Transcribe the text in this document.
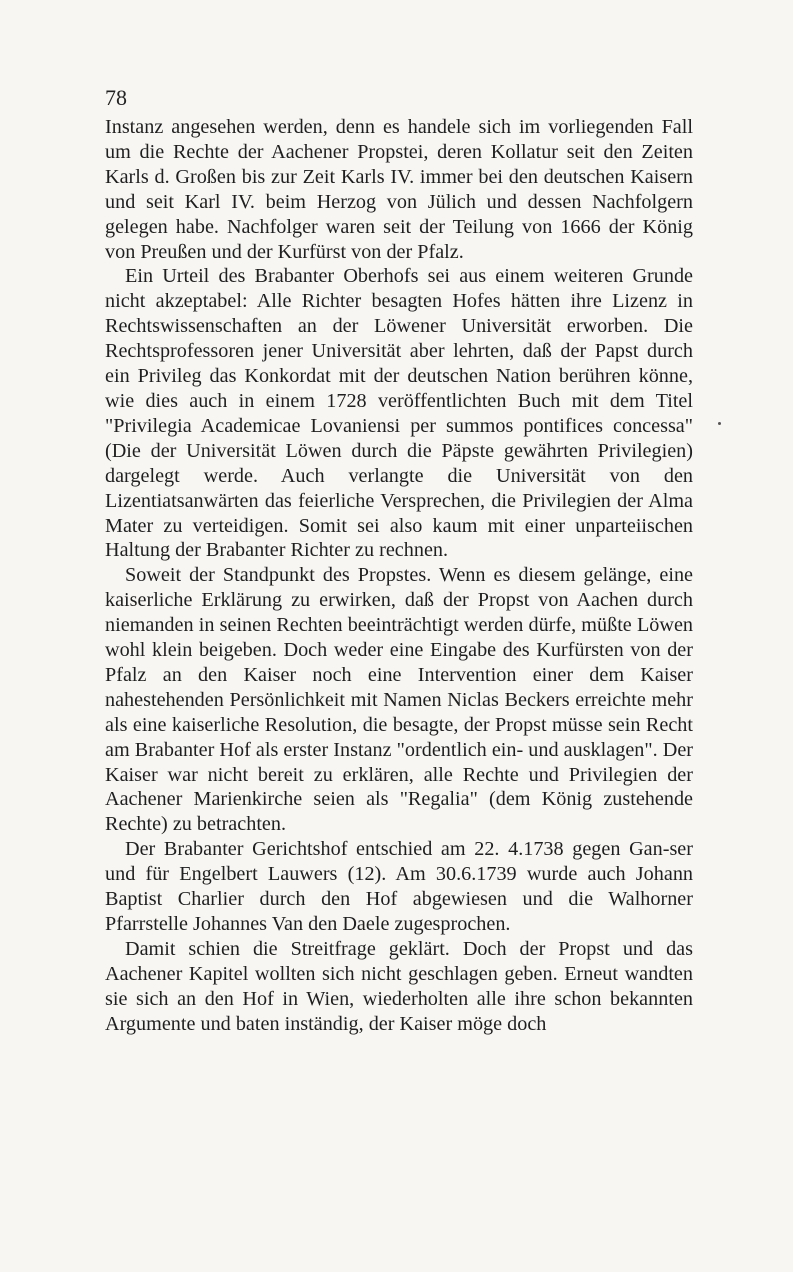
78

Instanz angesehen werden, denn es handele sich im vorliegenden Fall um die Rechte der Aachener Propstei, deren Kollatur seit den Zeiten Karls d. Großen bis zur Zeit Karls IV. immer bei den deutschen Kaisern und seit Karl IV. beim Herzog von Jülich und dessen Nachfolgern gelegen habe. Nachfolger waren seit der Teilung von 1666 der König von Preußen und der Kurfürst von der Pfalz.

Ein Urteil des Brabanter Oberhofs sei aus einem weiteren Grunde nicht akzeptabel: Alle Richter besagten Hofes hätten ihre Lizenz in Rechtswissenschaften an der Löwener Universität erworben. Die Rechtsprofessoren jener Universität aber lehrten, daß der Papst durch ein Privileg das Konkordat mit der deutschen Nation berühren könne, wie dies auch in einem 1728 veröffentlichten Buch mit dem Titel "Privilegia Academicae Lovaniensi per summos pontifices concessa" (Die der Universität Löwen durch die Päpste gewährten Privilegien) dargelegt werde. Auch verlangte die Universität von den Lizentiatsanwärten das feierliche Versprechen, die Privilegien der Alma Mater zu verteidigen. Somit sei also kaum mit einer unparteiischen Haltung der Brabanter Richter zu rechnen.

Soweit der Standpunkt des Propstes. Wenn es diesem gelänge, eine kaiserliche Erklärung zu erwirken, daß der Propst von Aachen durch niemanden in seinen Rechten beeinträchtigt werden dürfe, müßte Löwen wohl klein beigeben. Doch weder eine Eingabe des Kurfürsten von der Pfalz an den Kaiser noch eine Intervention einer dem Kaiser nahestehenden Persönlichkeit mit Namen Niclas Beckers erreichte mehr als eine kaiserliche Resolution, die besagte, der Propst müsse sein Recht am Brabanter Hof als erster Instanz "ordentlich ein- und ausklagen". Der Kaiser war nicht bereit zu erklären, alle Rechte und Privilegien der Aachener Marienkirche seien als "Regalia" (dem König zustehende Rechte) zu betrachten.

Der Brabanter Gerichtshof entschied am 22. 4.1738 gegen Gan-ser und für Engelbert Lauwers (12). Am 30.6.1739 wurde auch Johann Baptist Charlier durch den Hof abgewiesen und die Walhorner Pfarrstelle Johannes Van den Daele zugesprochen.

Damit schien die Streitfrage geklärt. Doch der Propst und das Aachener Kapitel wollten sich nicht geschlagen geben. Erneut wandten sie sich an den Hof in Wien, wiederholten alle ihre schon bekannten Argumente und baten inständig, der Kaiser möge doch
